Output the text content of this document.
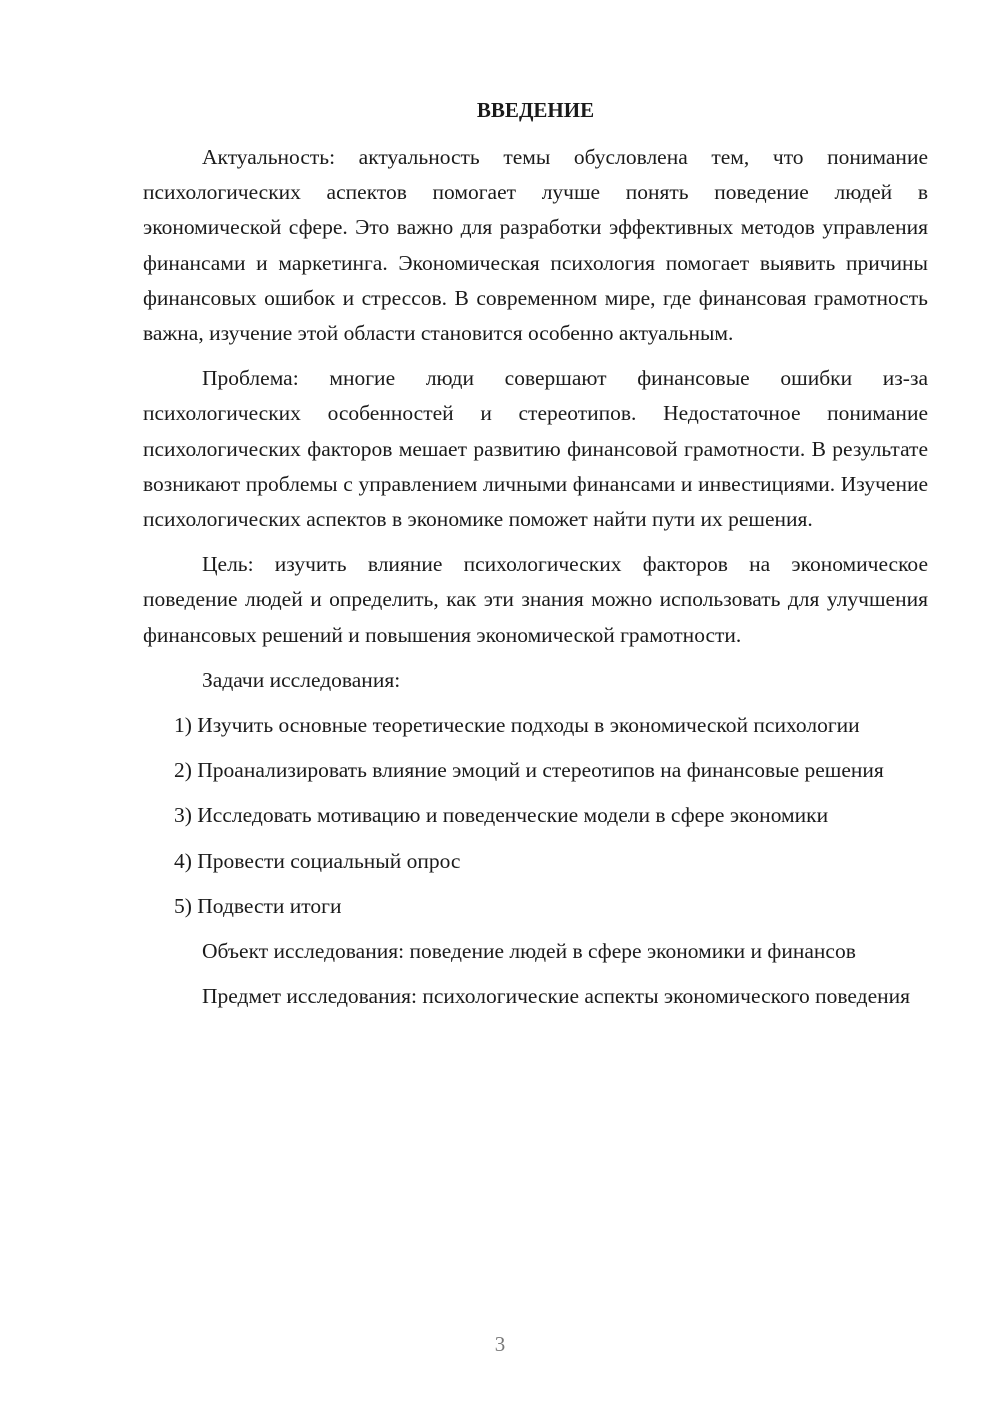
ВВЕДЕНИЕ
Актуальность: актуальность темы обусловлена тем, что понимание психологических аспектов помогает лучше понять поведение людей в экономической сфере. Это важно для разработки эффективных методов управления финансами и маркетинга. Экономическая психология помогает выявить причины финансовых ошибок и стрессов. В современном мире, где финансовая грамотность важна, изучение этой области становится особенно актуальным.
Проблема: многие люди совершают финансовые ошибки из-за психологических особенностей и стереотипов. Недостаточное понимание психологических факторов мешает развитию финансовой грамотности. В результате возникают проблемы с управлением личными финансами и инвестициями. Изучение психологических аспектов в экономике поможет найти пути их решения.
Цель: изучить влияние психологических факторов на экономическое поведение людей и определить, как эти знания можно использовать для улучшения финансовых решений и повышения экономической грамотности.
Задачи исследования:
1) Изучить основные теоретические подходы в экономической психологии
2) Проанализировать влияние эмоций и стереотипов на финансовые решения
3) Исследовать мотивацию и поведенческие модели в сфере экономики
4) Провести социальный опрос
5) Подвести итоги
Объект исследования: поведение людей в сфере экономики и финансов
Предмет исследования: психологические аспекты экономического поведения
3
